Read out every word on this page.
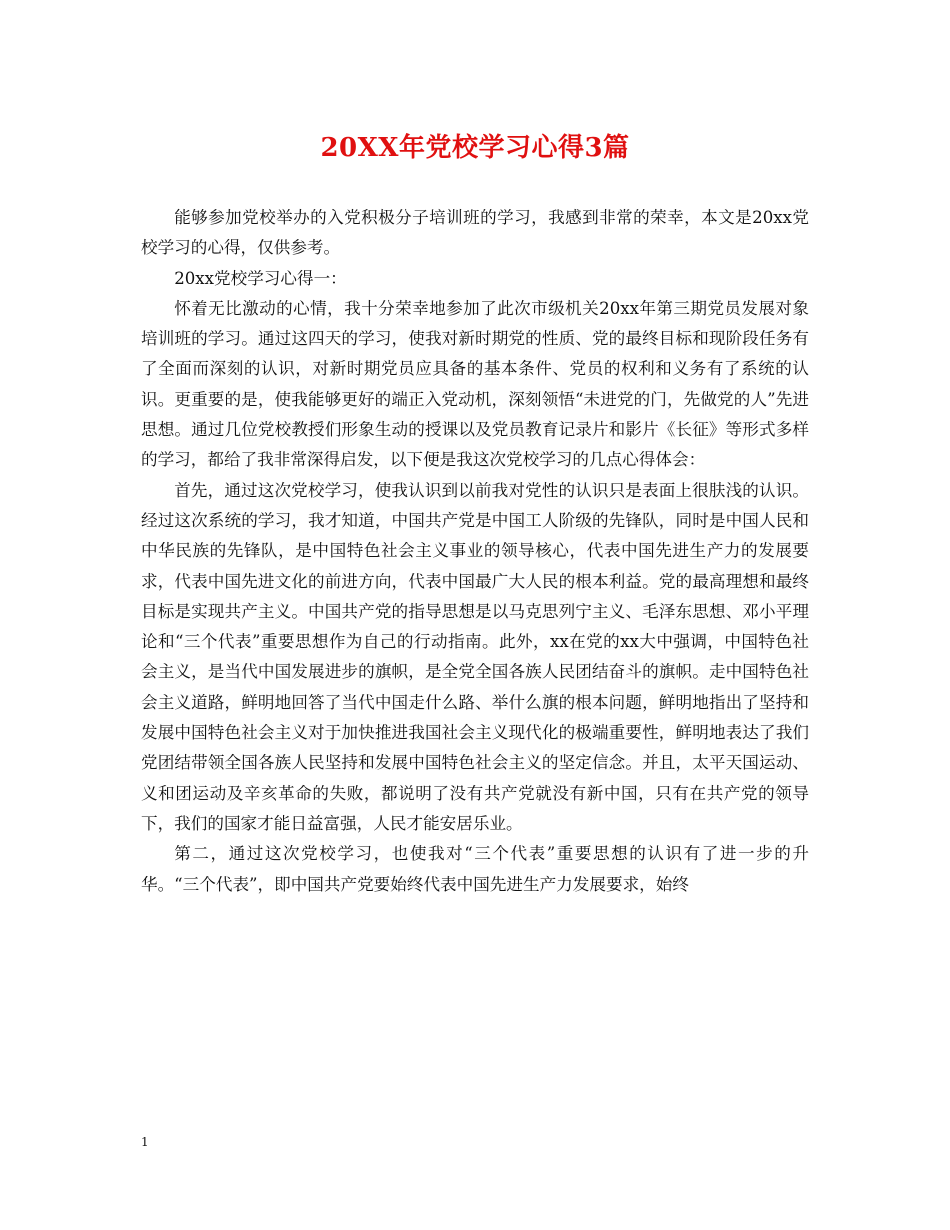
20XX年党校学习心得3篇

能够参加党校举办的入党积极分子培训班的学习，我感到非常的荣幸，本文是20xx党校学习的心得，仅供参考。

20xx党校学习心得一：

怀着无比激动的心情，我十分荣幸地参加了此次市级机关20xx年第三期党员发展对象培训班的学习。通过这四天的学习，使我对新时期党的性质、党的最终目标和现阶段任务有了全面而深刻的认识，对新时期党员应具备的基本条件、党员的权利和义务有了系统的认识。更重要的是，使我能够更好的端正入党动机，深刻领悟“未进党的门，先做党的人”先进思想。通过几位党校教授们形象生动的授课以及党员教育记录片和影片《长征》等形式多样的学习，都给了我非常深得启发，以下便是我这次党校学习的几点心得体会：

首先，通过这次党校学习，使我认识到以前我对党性的认识只是表面上很肤浅的认识。经过这次系统的学习，我才知道，中国共产党是中国工人阶级的先锋队，同时是中国人民和中华民族的先锋队，是中国特色社会主义事业的领导核心，代表中国先进生产力的发展要求，代表中国先进文化的前进方向，代表中国最广大人民的根本利益。党的最高理想和最终目标是实现共产主义。中国共产党的指导思想是以马克思列宁主义、毛泽东思想、邓小平理论和“三个代表”重要思想作为自己的行动指南。此外，xx在党的xx大中强调，中国特色社会主义，是当代中国发展进步的旗帜，是全党全国各族人民团结奋斗的旗帜。走中国特色社会主义道路，鲜明地回答了当代中国走什么路、举什么旗的根本问题，鲜明地指出了坚持和发展中国特色社会主义对于加快推进我国社会主义现代化的极端重要性，鲜明地表达了我们党团结带领全国各族人民坚持和发展中国特色社会主义的坚定信念。并且，太平天国运动、义和团运动及辛亥革命的失败，都说明了没有共产党就没有新中国，只有在共产党的领导下，我们的国家才能日益富强，人民才能安居乐业。

第二，通过这次党校学习，也使我对“三个代表”重要思想的认识有了进一步的升华。“三个代表”，即中国共产党要始终代表中国先进生产力发展要求，始终

1
